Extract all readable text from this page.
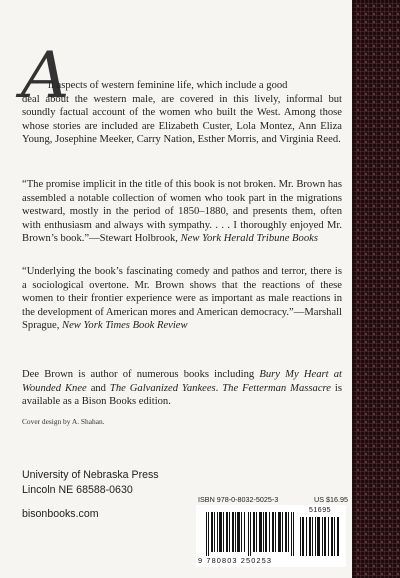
A
ll aspects of western feminine life, which include a good
deal about the western male, are covered in this lively, informal but soundly factual account of the women who built the West. Among those whose stories are included are Elizabeth Custer, Lola Montez, Ann Eliza Young, Josephine Meeker, Carry Nation, Esther Morris, and Virginia Reed.
“The promise implicit in the title of this book is not broken. Mr. Brown has assembled a notable collection of women who took part in the migrations westward, mostly in the period of 1850–1880, and presents them, often with enthusiasm and always with sympathy. . . . I thoroughly enjoyed Mr. Brown’s book.”—Stewart Holbrook, New York Herald Tribune Books
“Underlying the book’s fascinating comedy and pathos and terror, there is a sociological overtone. Mr. Brown shows that the reactions of these women to their frontier experience were as important as male reactions in the development of American mores and American democracy.”—Marshall Sprague, New York Times Book Review
Dee Brown is author of numerous books including Bury My Heart at Wounded Knee and The Galvanized Yankees. The Fetterman Massacre is available as a Bison Books edition.
Cover design by A. Shahan.
University of Nebraska Press
Lincoln NE 68588-0630
bisonbooks.com
ISBN 978-0-8032-5025-3	US $16.95
51695
9 780803 250253
